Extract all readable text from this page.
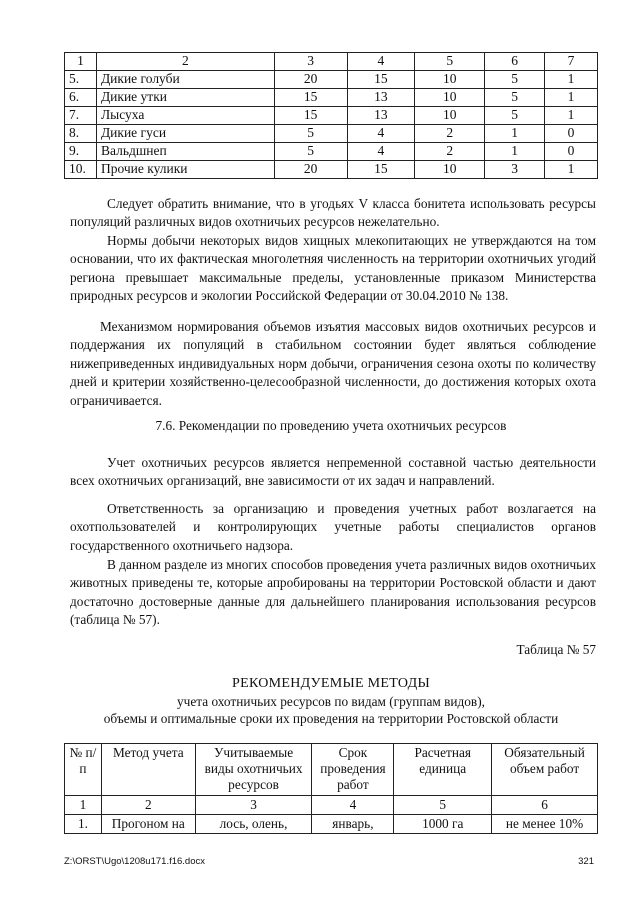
1	2	3	4	5	6	7
5.	Дикие голуби	20	15	10	5	1
6.	Дикие утки	15	13	10	5	1
7.	Лысуха	15	13	10	5	1
8.	Дикие гуси	5	4	2	1	0
9.	Вальдшнеп	5	4	2	1	0
10.	Прочие кулики	20	15	10	3	1

Следует обратить внимание, что в угодьях V класса бонитета использовать ресурсы популяций различных видов охотничьих ресурсов нежелательно.

Нормы добычи некоторых видов хищных млекопитающих не утверждаются на том основании, что их фактическая многолетняя численность на территории охотничьих угодий региона превышает максимальные пределы, установленные приказом Министерства природных ресурсов и экологии Российской Федерации от 30.04.2010 № 138.

Механизмом нормирования объемов изъятия массовых видов охотничьих ресурсов и поддержания их популяций в стабильном состоянии будет являться соблюдение нижеприведенных индивидуальных норм добычи, ограничения сезона охоты по количеству дней и критерии хозяйственно-целесообразной численности, до достижения которых охота ограничивается.

7.6. Рекомендации по проведению учета охотничьих ресурсов

Учет охотничьих ресурсов является непременной составной частью деятельности всех охотничьих организаций, вне зависимости от их задач и направлений.

Ответственность за организацию и проведения учетных работ возлагается на охотпользователей и контролирующих учетные работы специалистов органов государственного охотничьего надзора.

В данном разделе из многих способов проведения учета различных видов охотничьих животных приведены те, которые апробированы на территории Ростовской области и дают достаточно достоверные данные для дальнейшего планирования использования ресурсов (таблица № 57).

Таблица № 57

РЕКОМЕНДУЕМЫЕ МЕТОДЫ

учета охотничьих ресурсов по видам (группам видов),

объемы и оптимальные сроки их проведения на территории Ростовской области

№ п/п	Метод учета	Учитываемые виды охотничьих ресурсов	Срок проведения работ	Расчетная единица	Обязательный объем работ
1	2	3	4	5	6
1.	Прогоном на	лось, олень,	январь,	1000 га	не менее 10%
Z:\ORST\Ugo\1208u171.f16.docx	321
